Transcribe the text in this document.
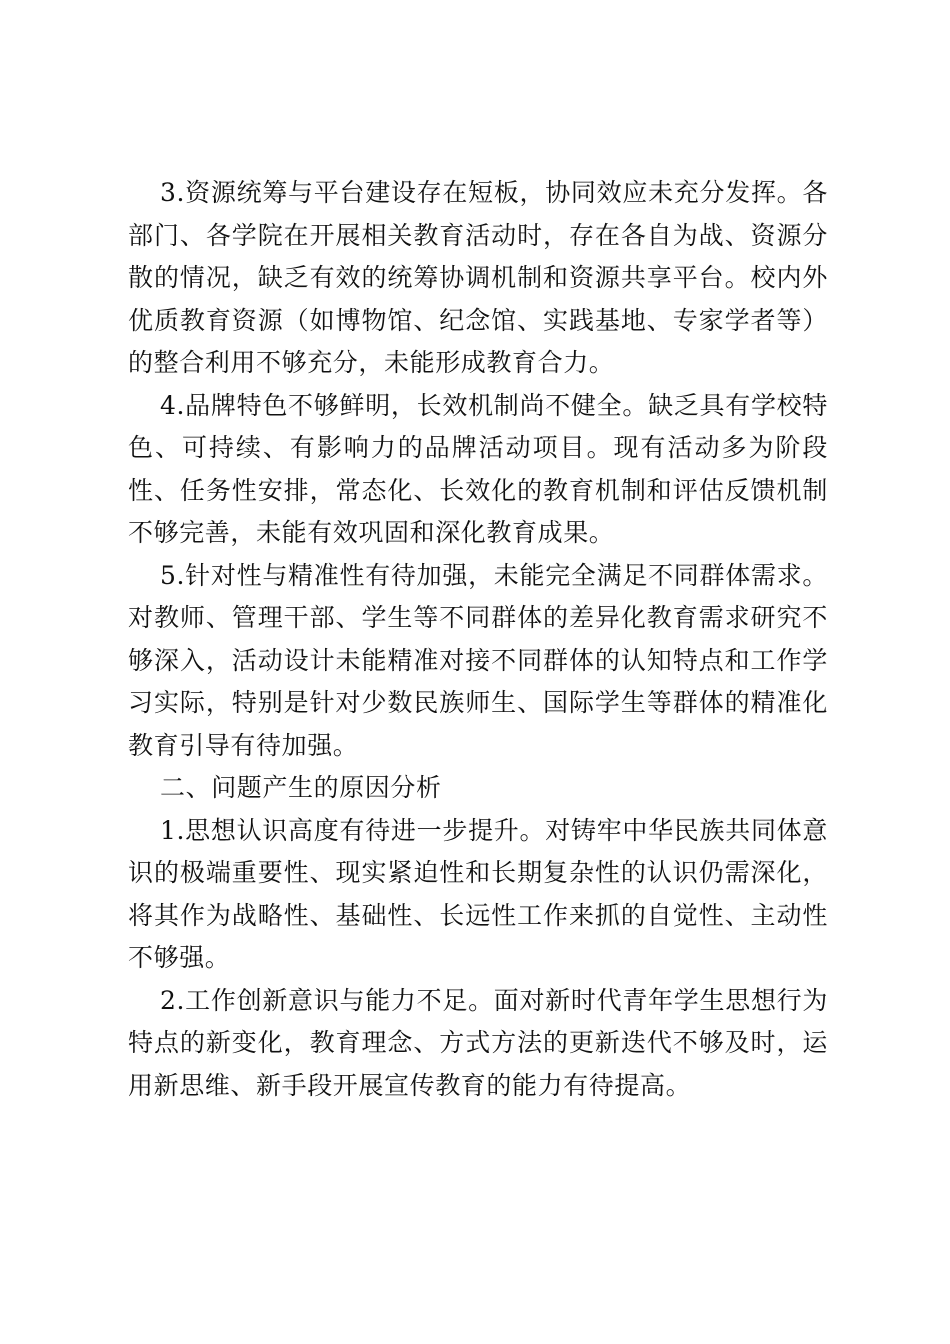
3.资源统筹与平台建设存在短板，协同效应未充分发挥。各部门、各学院在开展相关教育活动时，存在各自为战、资源分散的情况，缺乏有效的统筹协调机制和资源共享平台。校内外优质教育资源（如博物馆、纪念馆、实践基地、专家学者等）的整合利用不够充分，未能形成教育合力。

4.品牌特色不够鲜明，长效机制尚不健全。缺乏具有学校特色、可持续、有影响力的品牌活动项目。现有活动多为阶段性、任务性安排，常态化、长效化的教育机制和评估反馈机制不够完善，未能有效巩固和深化教育成果。

5.针对性与精准性有待加强，未能完全满足不同群体需求。对教师、管理干部、学生等不同群体的差异化教育需求研究不够深入，活动设计未能精准对接不同群体的认知特点和工作学习实际，特别是针对少数民族师生、国际学生等群体的精准化教育引导有待加强。

二、问题产生的原因分析

1.思想认识高度有待进一步提升。对铸牢中华民族共同体意识的极端重要性、现实紧迫性和长期复杂性的认识仍需深化，将其作为战略性、基础性、长远性工作来抓的自觉性、主动性不够强。

2.工作创新意识与能力不足。面对新时代青年学生思想行为特点的新变化，教育理念、方式方法的更新迭代不够及时，运用新思维、新手段开展宣传教育的能力有待提高。
